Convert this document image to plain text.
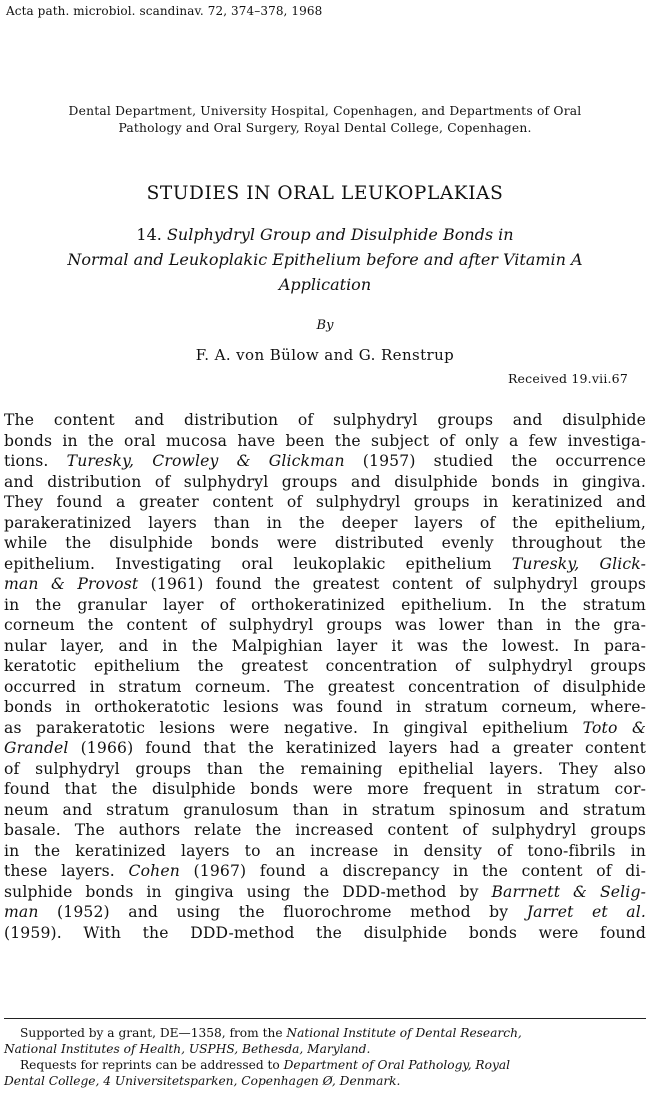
Acta path. microbiol. scandinav. 72, 374–378, 1968
Dental Department, University Hospital, Copenhagen, and Departments of Oral
Pathology and Oral Surgery, Royal Dental College, Copenhagen.
STUDIES IN ORAL LEUKOPLAKIAS
14. Sulphydryl Group and Disulphide Bonds in
Normal and Leukoplakic Epithelium before and after Vitamin A
Application
By
F. A. von Bülow and G. Renstrup
Received 19.vii.67
The content and distribution of sulphydryl groups and disulphide
bonds in the oral mucosa have been the subject of only a few investiga-
tions. Turesky, Crowley & Glickman (1957) studied the occurrence
and distribution of sulphydryl groups and disulphide bonds in gingiva.
They found a greater content of sulphydryl groups in keratinized and
parakeratinized layers than in the deeper layers of the epithelium,
while the disulphide bonds were distributed evenly throughout the
epithelium. Investigating oral leukoplakic epithelium Turesky, Glick-
man & Provost (1961) found the greatest content of sulphydryl groups
in the granular layer of orthokeratinized epithelium. In the stratum
corneum the content of sulphydryl groups was lower than in the gra-
nular layer, and in the Malpighian layer it was the lowest. In para-
keratotic epithelium the greatest concentration of sulphydryl groups
occurred in stratum corneum. The greatest concentration of disulphide
bonds in orthokeratotic lesions was found in stratum corneum, where-
as parakeratotic lesions were negative. In gingival epithelium Toto &
Grandel (1966) found that the keratinized layers had a greater content
of sulphydryl groups than the remaining epithelial layers. They also
found that the disulphide bonds were more frequent in stratum cor-
neum and stratum granulosum than in stratum spinosum and stratum
basale. The authors relate the increased content of sulphydryl groups
in the keratinized layers to an increase in density of tono-fibrils in
these layers. Cohen (1967) found a discrepancy in the content of di-
sulphide bonds in gingiva using the DDD-method by Barrnett & Selig-
man (1952) and using the fluorochrome method by Jarret et al.
(1959). With the DDD-method the disulphide bonds were found
Supported by a grant, DE—1358, from the National Institute of Dental Research,
National Institutes of Health, USPHS, Bethesda, Maryland.
Requests for reprints can be addressed to Department of Oral Pathology, Royal
Dental College, 4 Universitetsparken, Copenhagen Ø, Denmark.
